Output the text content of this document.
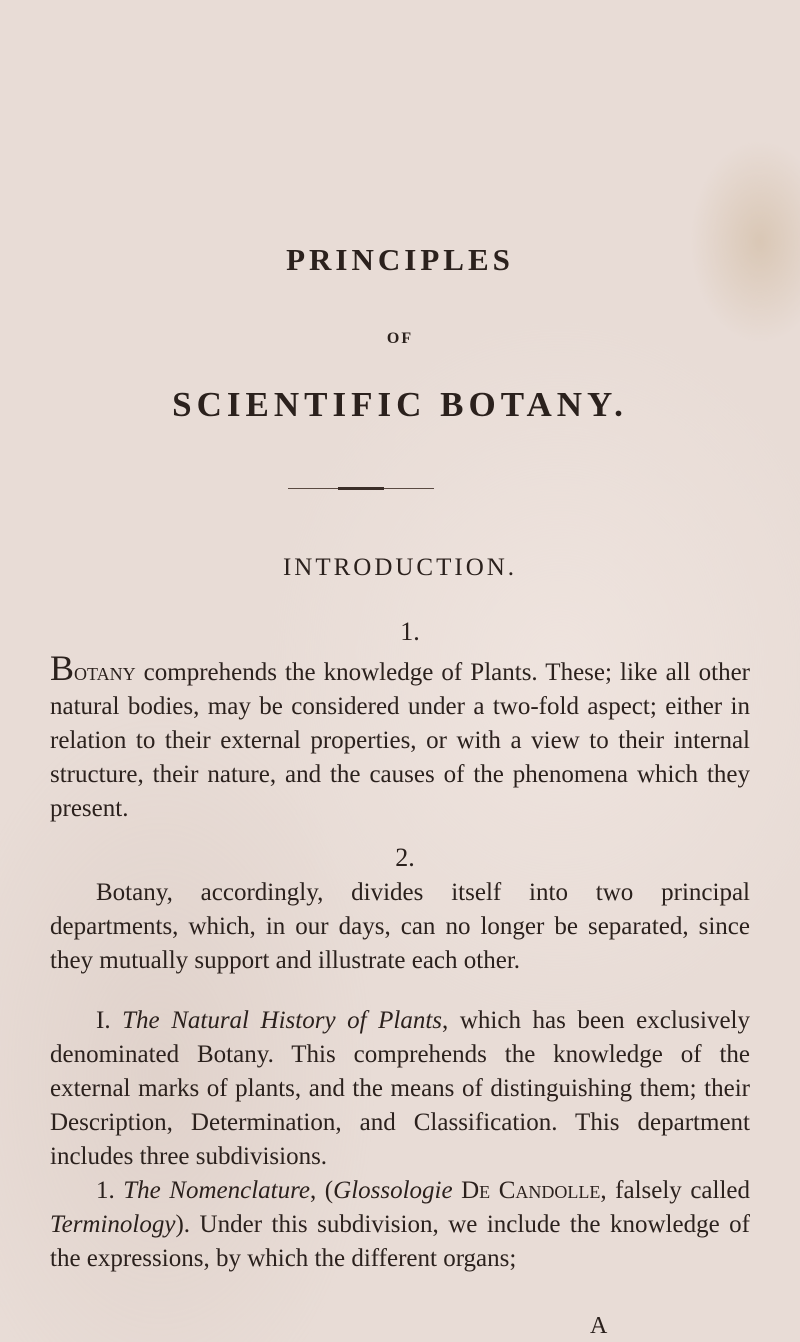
PRINCIPLES
OF
SCIENTIFIC BOTANY.
INTRODUCTION.
1.
Botany comprehends the knowledge of Plants. These; like all other natural bodies, may be considered under a two-fold aspect; either in relation to their external properties, or with a view to their internal structure, their nature, and the causes of the phenomena which they present.
2.
Botany, accordingly, divides itself into two principal departments, which, in our days, can no longer be separated, since they mutually support and illustrate each other.
I. The Natural History of Plants, which has been exclusively denominated Botany. This comprehends the knowledge of the external marks of plants, and the means of distinguishing them; their Description, Determination, and Classification. This department includes three subdivisions.
1. The Nomenclature, (Glossologie De Candolle, falsely called Terminology). Under this subdivision, we include the knowledge of the expressions, by which the different organs;
A
